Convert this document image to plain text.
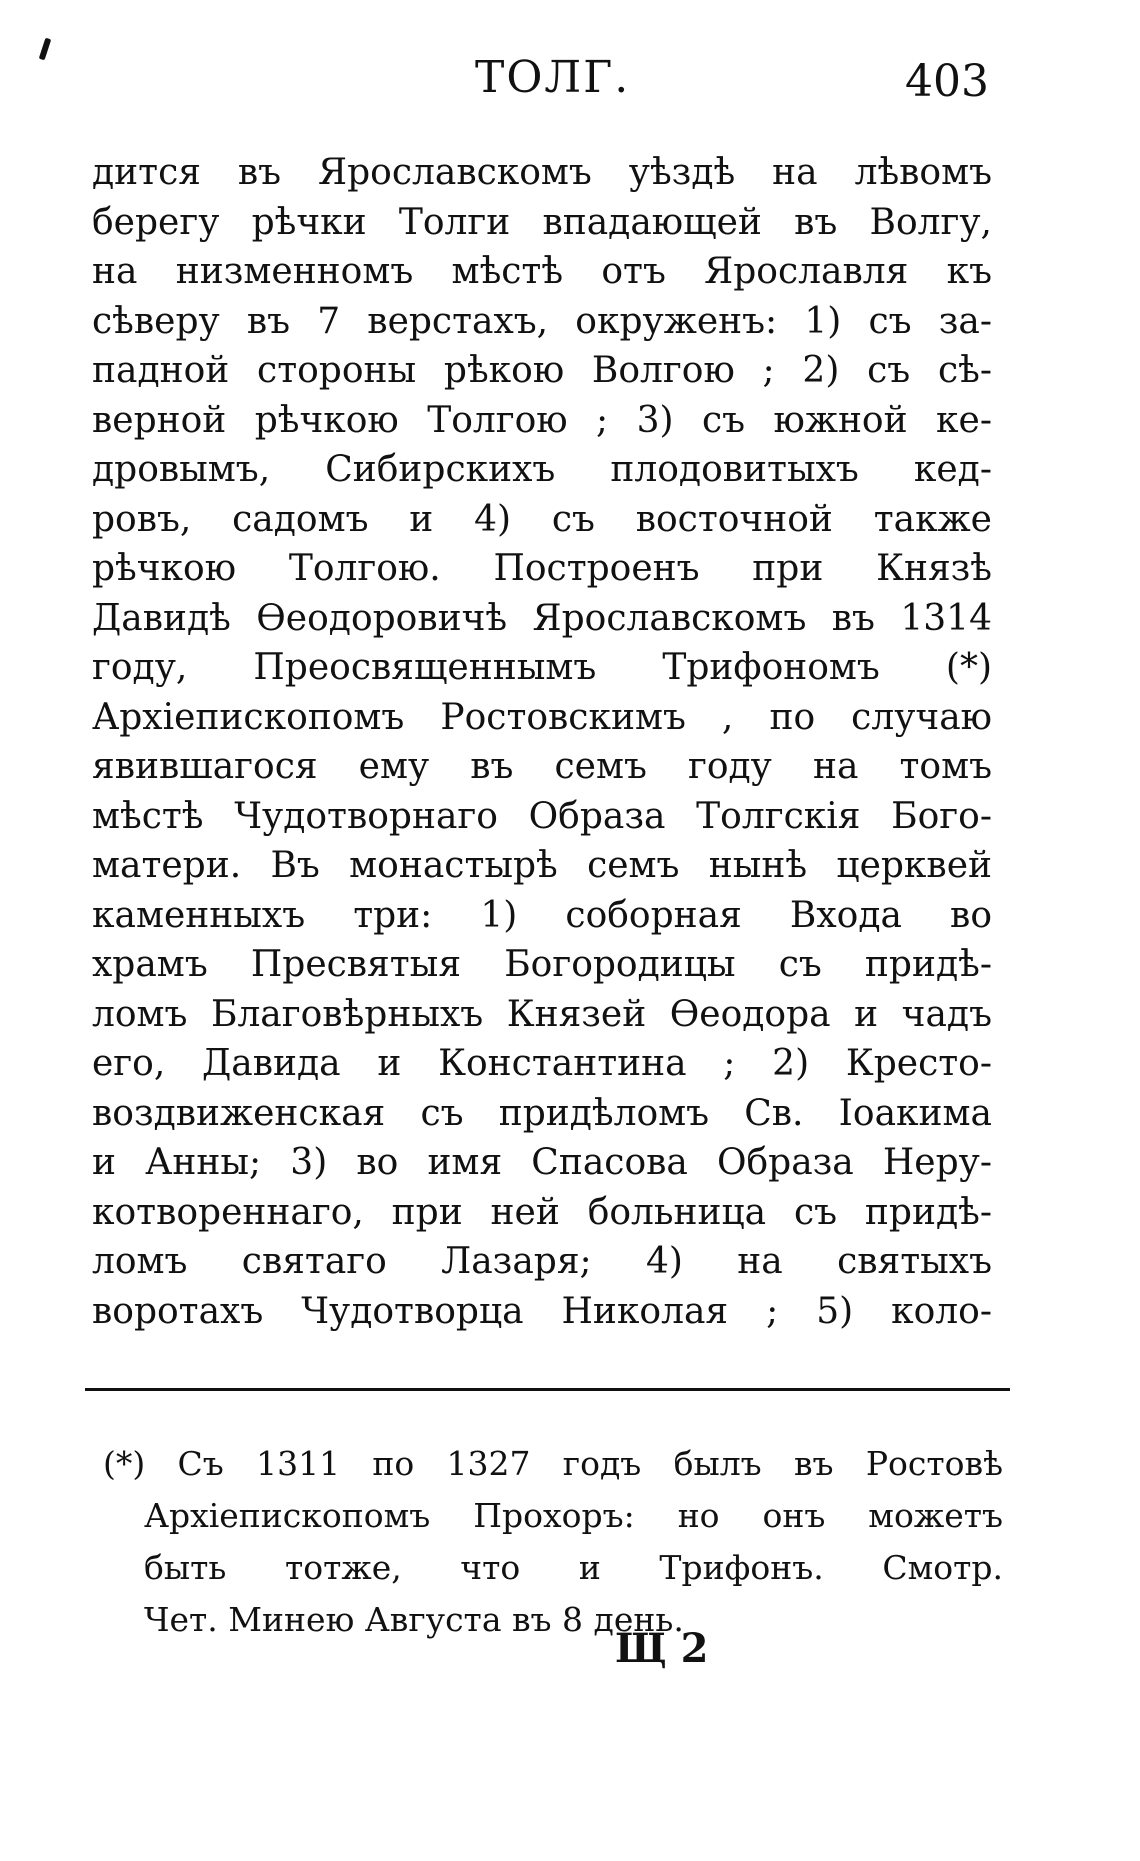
ТОЛГ.	403
дится въ Ярославскомъ уѣздѣ на лѣвомъ
берегу рѣчки Толги впадающей въ Волгу,
на низменномъ мѣстѣ отъ Ярославля къ
сѣверу въ 7 верстахъ, окруженъ: 1) съ за-
падной стороны рѣкою Волгою ; 2) съ сѣ-
верной рѣчкою Толгою ; 3) съ южной ке-
дровымъ, Сибирскихъ плодовитыхъ кед-
ровъ, садомъ и 4) съ восточной также
рѣчкою Толгою. Построенъ при Князѣ
Давидѣ Өеодоровичѣ Ярославскомъ въ 1314
году, Преосвященнымъ Трифономъ (*)
Архіепископомъ Ростовскимъ , по случаю
явившагося ему въ семъ году на томъ
мѣстѣ Чудотворнаго Образа Толгскія Бого-
матери. Въ монастырѣ семъ нынѣ церквей
каменныхъ три: 1) соборная Входа во
храмъ Пресвятыя Богородицы съ придѣ-
ломъ Благовѣрныхъ Князей Өеодора и чадъ
его, Давида и Константина ; 2) Кресто-
воздвиженская съ придѣломъ Св. Іоакима
и Анны; 3) во имя Спасова Образа Неру-
котвореннаго, при ней больница съ придѣ-
ломъ святаго Лазаря; 4) на святыхъ
воротахъ Чудотворца Николая ; 5) коло-
(*) Съ 1311 по 1327 годъ былъ въ Ростовѣ
Архіепископомъ Прохоръ: но онъ можетъ
быть тотже, что и Трифонъ. Смотр.
Чет. Минею Августа въ 8 день.
Щ 2
